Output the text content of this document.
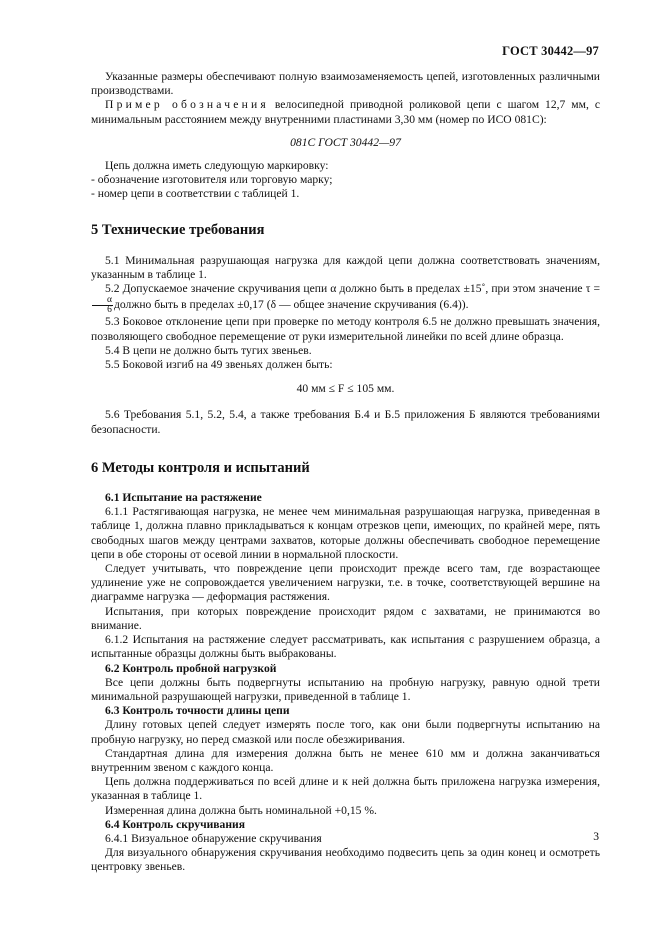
ГОСТ 30442—97

Указанные размеры обеспечивают полную взаимозаменяемость цепей, изготовленных различными производствами.

Пример обозначения велосипедной приводной роликовой цепи с шагом 12,7 мм, с минимальным расстоянием между внутренними пластинами 3,30 мм (номер по ИСО 081С):

081С ГОСТ 30442—97

Цепь должна иметь следующую маркировку:

- обозначение изготовителя или торговую марку;
- номер цепи в соответствии с таблицей 1.
5 Технические требования

5.1 Минимальная разрушающая нагрузка для каждой цепи должна соответствовать значениям, указанным в таблице 1.

5.2 Допускаемое значение скручивания цепи α должно быть в пределах ±15˚, при этом значение τ =
$\frac{\alpha}{6}$ должно быть в пределах ±0,17 (δ — общее значение скручивания (6.4)).

5.3 Боковое отклонение цепи при проверке по методу контроля 6.5 не должно превышать значения, позволяющего свободное перемещение от руки измерительной линейки по всей длине образца.

5.4 В цепи не должно быть тугих звеньев.

5.5 Боковой изгиб на 49 звеньях должен быть:

40 мм ≤ F ≤ 105 мм.

5.6 Требования 5.1, 5.2, 5.4, а также требования Б.4 и Б.5 приложения Б являются требованиями безопасности.

6 Методы контроля и испытаний

6.1 Испытание на растяжение

6.1.1 Растягивающая нагрузка, не менее чем минимальная разрушающая нагрузка, приведенная в таблице 1, должна плавно прикладываться к концам отрезков цепи, имеющих, по крайней мере, пять свободных шагов между центрами захватов, которые должны обеспечивать свободное перемещение цепи в обе стороны от осевой линии в нормальной плоскости.

Следует учитывать, что повреждение цепи происходит прежде всего там, где возрастающее удлинение уже не сопровождается увеличением нагрузки, т.е. в точке, соответствующей вершине на диаграмме нагрузка — деформация растяжения.

Испытания, при которых повреждение происходит рядом с захватами, не принимаются во внимание.

6.1.2 Испытания на растяжение следует рассматривать, как испытания с разрушением образца, а испытанные образцы должны быть выбракованы.

6.2 Контроль пробной нагрузкой

Все цепи должны быть подвергнуты испытанию на пробную нагрузку, равную одной трети минимальной разрушающей нагрузки, приведенной в таблице 1.

6.3 Контроль точности длины цепи

Длину готовых цепей следует измерять после того, как они были подвергнуты испытанию на пробную нагрузку, но перед смазкой или после обезжиривания.

Стандартная длина для измерения должна быть не менее 610 мм и должна заканчиваться внутренним звеном с каждого конца.

Цепь должна поддерживаться по всей длине и к ней должна быть приложена нагрузка измерения, указанная в таблице 1.

Измеренная длина должна быть номинальной +0,15 %.

6.4 Контроль скручивания

6.4.1 Визуальное обнаружение скручивания

Для визуального обнаружения скручивания необходимо подвесить цепь за один конец и осмотреть центровку звеньев.

3
